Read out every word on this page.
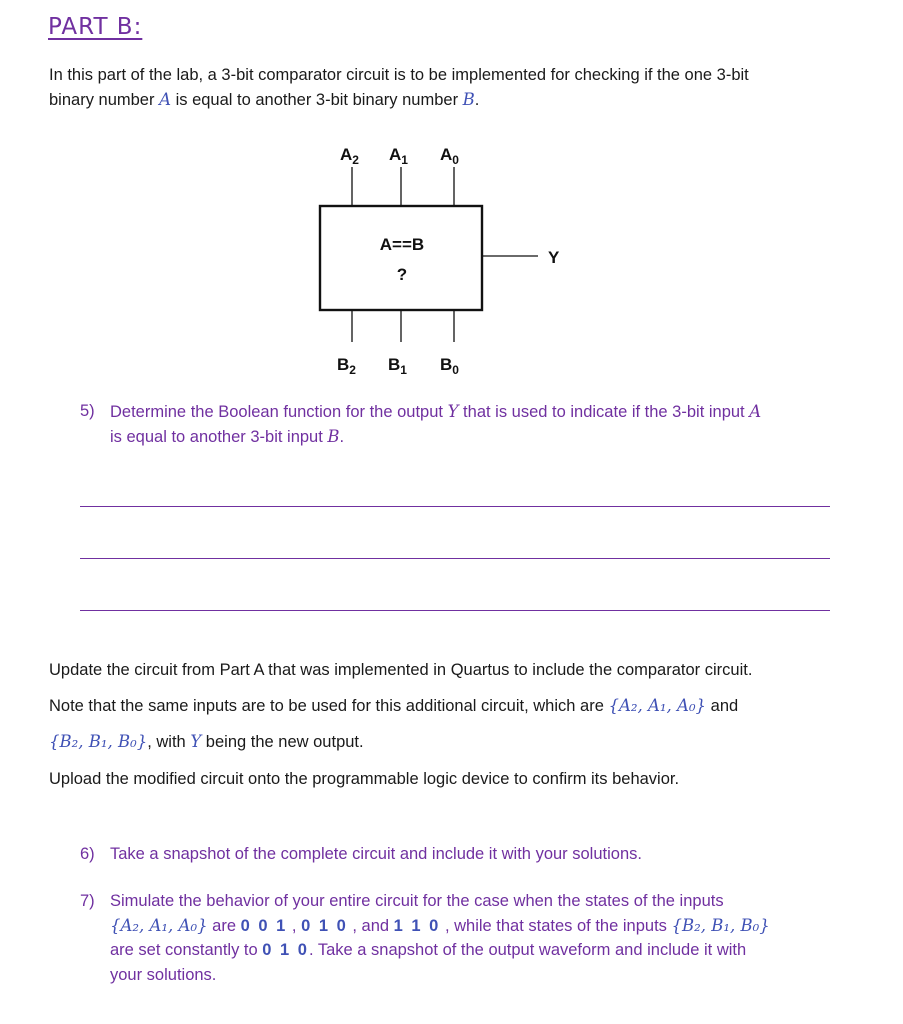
PART B:
In this part of the lab, a 3-bit comparator circuit is to be implemented for checking if the one 3-bit
binary number A is equal to another 3-bit binary number B.
$A_2$ $A_1$ $A_0$
$B_2$ $B_1$ $B_0$
A==B
?
Y
5) Determine the Boolean function for the output Y that is used to indicate if the 3-bit input A
is equal to another 3-bit input B.
Update the circuit from Part A that was implemented in Quartus to include the comparator circuit.
Note that the same inputs are to be used for this additional circuit, which are {A₂, A₁, A₀} and
{B₂, B₁, B₀}, with Y being the new output.
Upload the modified circuit onto the programmable logic device to confirm its behavior.
6) Take a snapshot of the complete circuit and include it with your solutions.
7) Simulate the behavior of your entire circuit for the case when the states of the inputs
{A₂, A₁, A₀} are 0 0 1 , 0 1 0 , and 1 1 0 , while that states of the inputs {B₂, B₁, B₀}
are set constantly to 0 1 0. Take a snapshot of the output waveform and include it with
your solutions.
